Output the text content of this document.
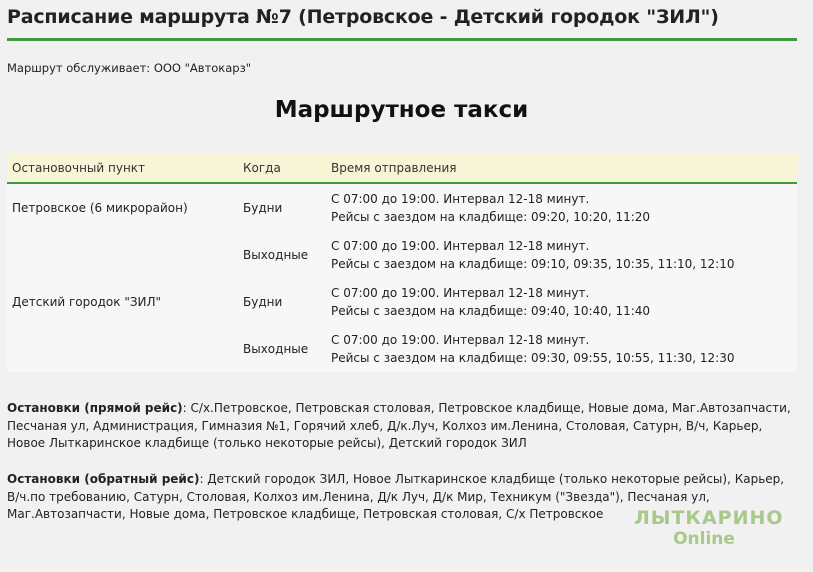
Расписание маршрута №7 (Петровское - Детский городок "ЗИЛ")
Маршрут обслуживает: ООО "Автокарз"
Маршрутное такси
Остановочный пункт	Когда	Время отправления
Петровское (6 микрорайон)	Будни	С 07:00 до 19:00. Интервал 12-18 минут.
Рейсы с заездом на кладбище: 09:20, 10:20, 11:20

	Выходные	С 07:00 до 19:00. Интервал 12-18 минут.
Рейсы с заездом на кладбище: 09:10, 09:35, 10:35, 11:10, 12:10

Детский городок "ЗИЛ"	Будни	С 07:00 до 19:00. Интервал 12-18 минут.
Рейсы с заездом на кладбище: 09:40, 10:40, 11:40

	Выходные	С 07:00 до 19:00. Интервал 12-18 минут.
Рейсы с заездом на кладбище: 09:30, 09:55, 10:55, 11:30, 12:30
Остановки (прямой рейс): С/х.Петровское, Петровская столовая, Петровское кладбище, Новые дома, Маг.Автозапчасти, Песчаная ул, Администрация, Гимназия №1, Горячий хлеб, Д/к.Луч, Колхоз им.Ленина, Столовая, Сатурн, В/ч, Карьер, Новое Лыткаринское кладбище (только некоторые рейсы), Детский городок ЗИЛ
Остановки (обратный рейс): Детский городок ЗИЛ, Новое Лыткаринское кладбище (только некоторые рейсы), Карьер, В/ч.по требованию, Сатурн, Столовая, Колхоз им.Ленина, Д/к Луч, Д/к Мир, Техникум ("Звезда"), Песчаная ул, Маг.Автозапчасти, Новые дома, Петровское кладбище, Петровская столовая, С/х Петровское	ЛЫТКАРИНО
Online
